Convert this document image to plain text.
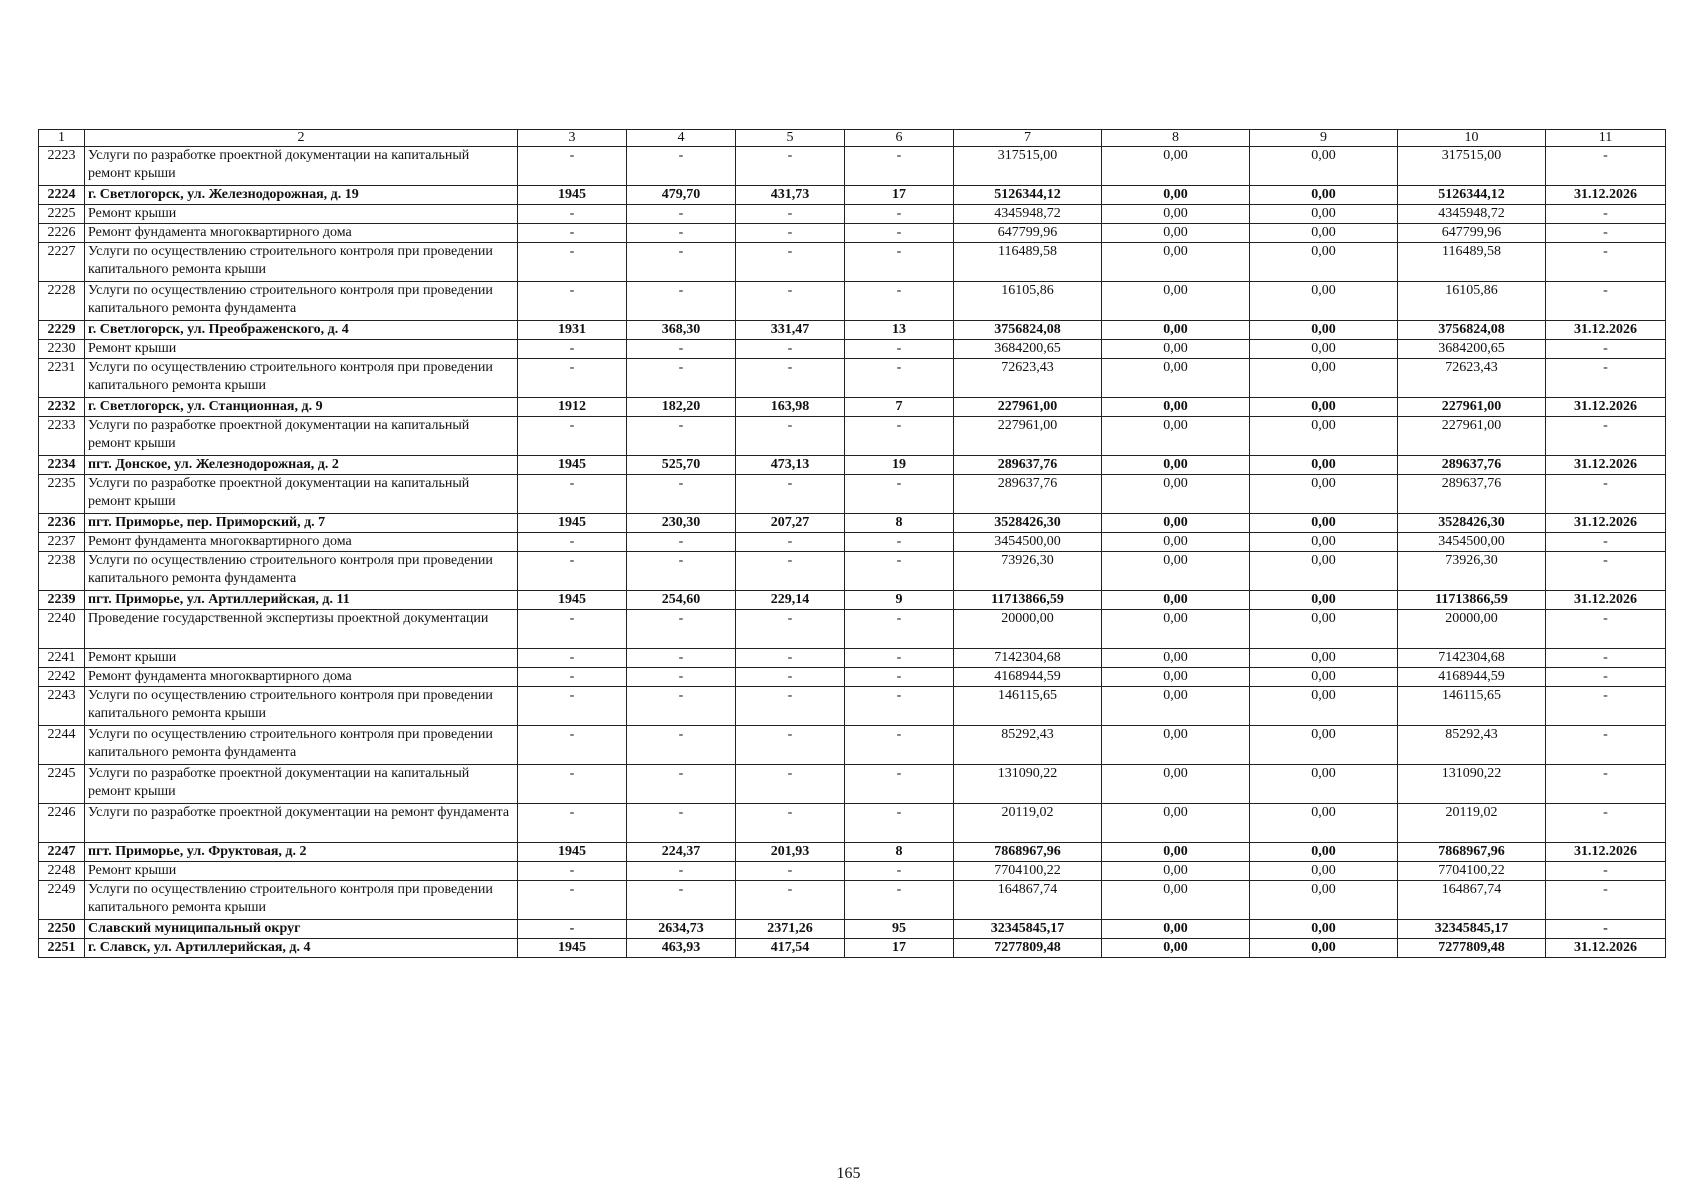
1	2	3	4	5	6	7	8	9	10	11
2223	Услуги по разработке проектной документации на капитальный ремонт крыши	-	-	-	-	317515,00	0,00	0,00	317515,00	-
2224	г. Светлогорск, ул. Железнодорожная, д. 19	1945	479,70	431,73	17	5126344,12	0,00	0,00	5126344,12	31.12.2026
2225	Ремонт крыши	-	-	-	-	4345948,72	0,00	0,00	4345948,72	-
2226	Ремонт фундамента многоквартирного дома	-	-	-	-	647799,96	0,00	0,00	647799,96	-
2227	Услуги по осуществлению строительного контроля при проведении капитального ремонта крыши	-	-	-	-	116489,58	0,00	0,00	116489,58	-
2228	Услуги по осуществлению строительного контроля при проведении капитального ремонта фундамента	-	-	-	-	16105,86	0,00	0,00	16105,86	-
2229	г. Светлогорск, ул. Преображенского, д. 4	1931	368,30	331,47	13	3756824,08	0,00	0,00	3756824,08	31.12.2026
2230	Ремонт крыши	-	-	-	-	3684200,65	0,00	0,00	3684200,65	-
2231	Услуги по осуществлению строительного контроля при проведении капитального ремонта крыши	-	-	-	-	72623,43	0,00	0,00	72623,43	-
2232	г. Светлогорск, ул. Станционная, д. 9	1912	182,20	163,98	7	227961,00	0,00	0,00	227961,00	31.12.2026
2233	Услуги по разработке проектной документации на капитальный ремонт крыши	-	-	-	-	227961,00	0,00	0,00	227961,00	-
2234	пгт. Донское, ул. Железнодорожная, д. 2	1945	525,70	473,13	19	289637,76	0,00	0,00	289637,76	31.12.2026
2235	Услуги по разработке проектной документации на капитальный ремонт крыши	-	-	-	-	289637,76	0,00	0,00	289637,76	-
2236	пгт. Приморье, пер. Приморский, д. 7	1945	230,30	207,27	8	3528426,30	0,00	0,00	3528426,30	31.12.2026
2237	Ремонт фундамента многоквартирного дома	-	-	-	-	3454500,00	0,00	0,00	3454500,00	-
2238	Услуги по осуществлению строительного контроля при проведении капитального ремонта фундамента	-	-	-	-	73926,30	0,00	0,00	73926,30	-
2239	пгт. Приморье, ул. Артиллерийская, д. 11	1945	254,60	229,14	9	11713866,59	0,00	0,00	11713866,59	31.12.2026
2240	Проведение государственной экспертизы проектной документации	-	-	-	-	20000,00	0,00	0,00	20000,00	-
2241	Ремонт крыши	-	-	-	-	7142304,68	0,00	0,00	7142304,68	-
2242	Ремонт фундамента многоквартирного дома	-	-	-	-	4168944,59	0,00	0,00	4168944,59	-
2243	Услуги по осуществлению строительного контроля при проведении капитального ремонта крыши	-	-	-	-	146115,65	0,00	0,00	146115,65	-
2244	Услуги по осуществлению строительного контроля при проведении капитального ремонта фундамента	-	-	-	-	85292,43	0,00	0,00	85292,43	-
2245	Услуги по разработке проектной документации на капитальный ремонт крыши	-	-	-	-	131090,22	0,00	0,00	131090,22	-
2246	Услуги по разработке проектной документации на ремонт фундамента	-	-	-	-	20119,02	0,00	0,00	20119,02	-
2247	пгт. Приморье, ул. Фруктовая, д. 2	1945	224,37	201,93	8	7868967,96	0,00	0,00	7868967,96	31.12.2026
2248	Ремонт крыши	-	-	-	-	7704100,22	0,00	0,00	7704100,22	-
2249	Услуги по осуществлению строительного контроля при проведении капитального ремонта крыши	-	-	-	-	164867,74	0,00	0,00	164867,74	-
2250	Славский муниципальный округ	-	2634,73	2371,26	95	32345845,17	0,00	0,00	32345845,17	-
2251	г. Славск, ул. Артиллерийская, д. 4	1945	463,93	417,54	17	7277809,48	0,00	0,00	7277809,48	31.12.2026
165
